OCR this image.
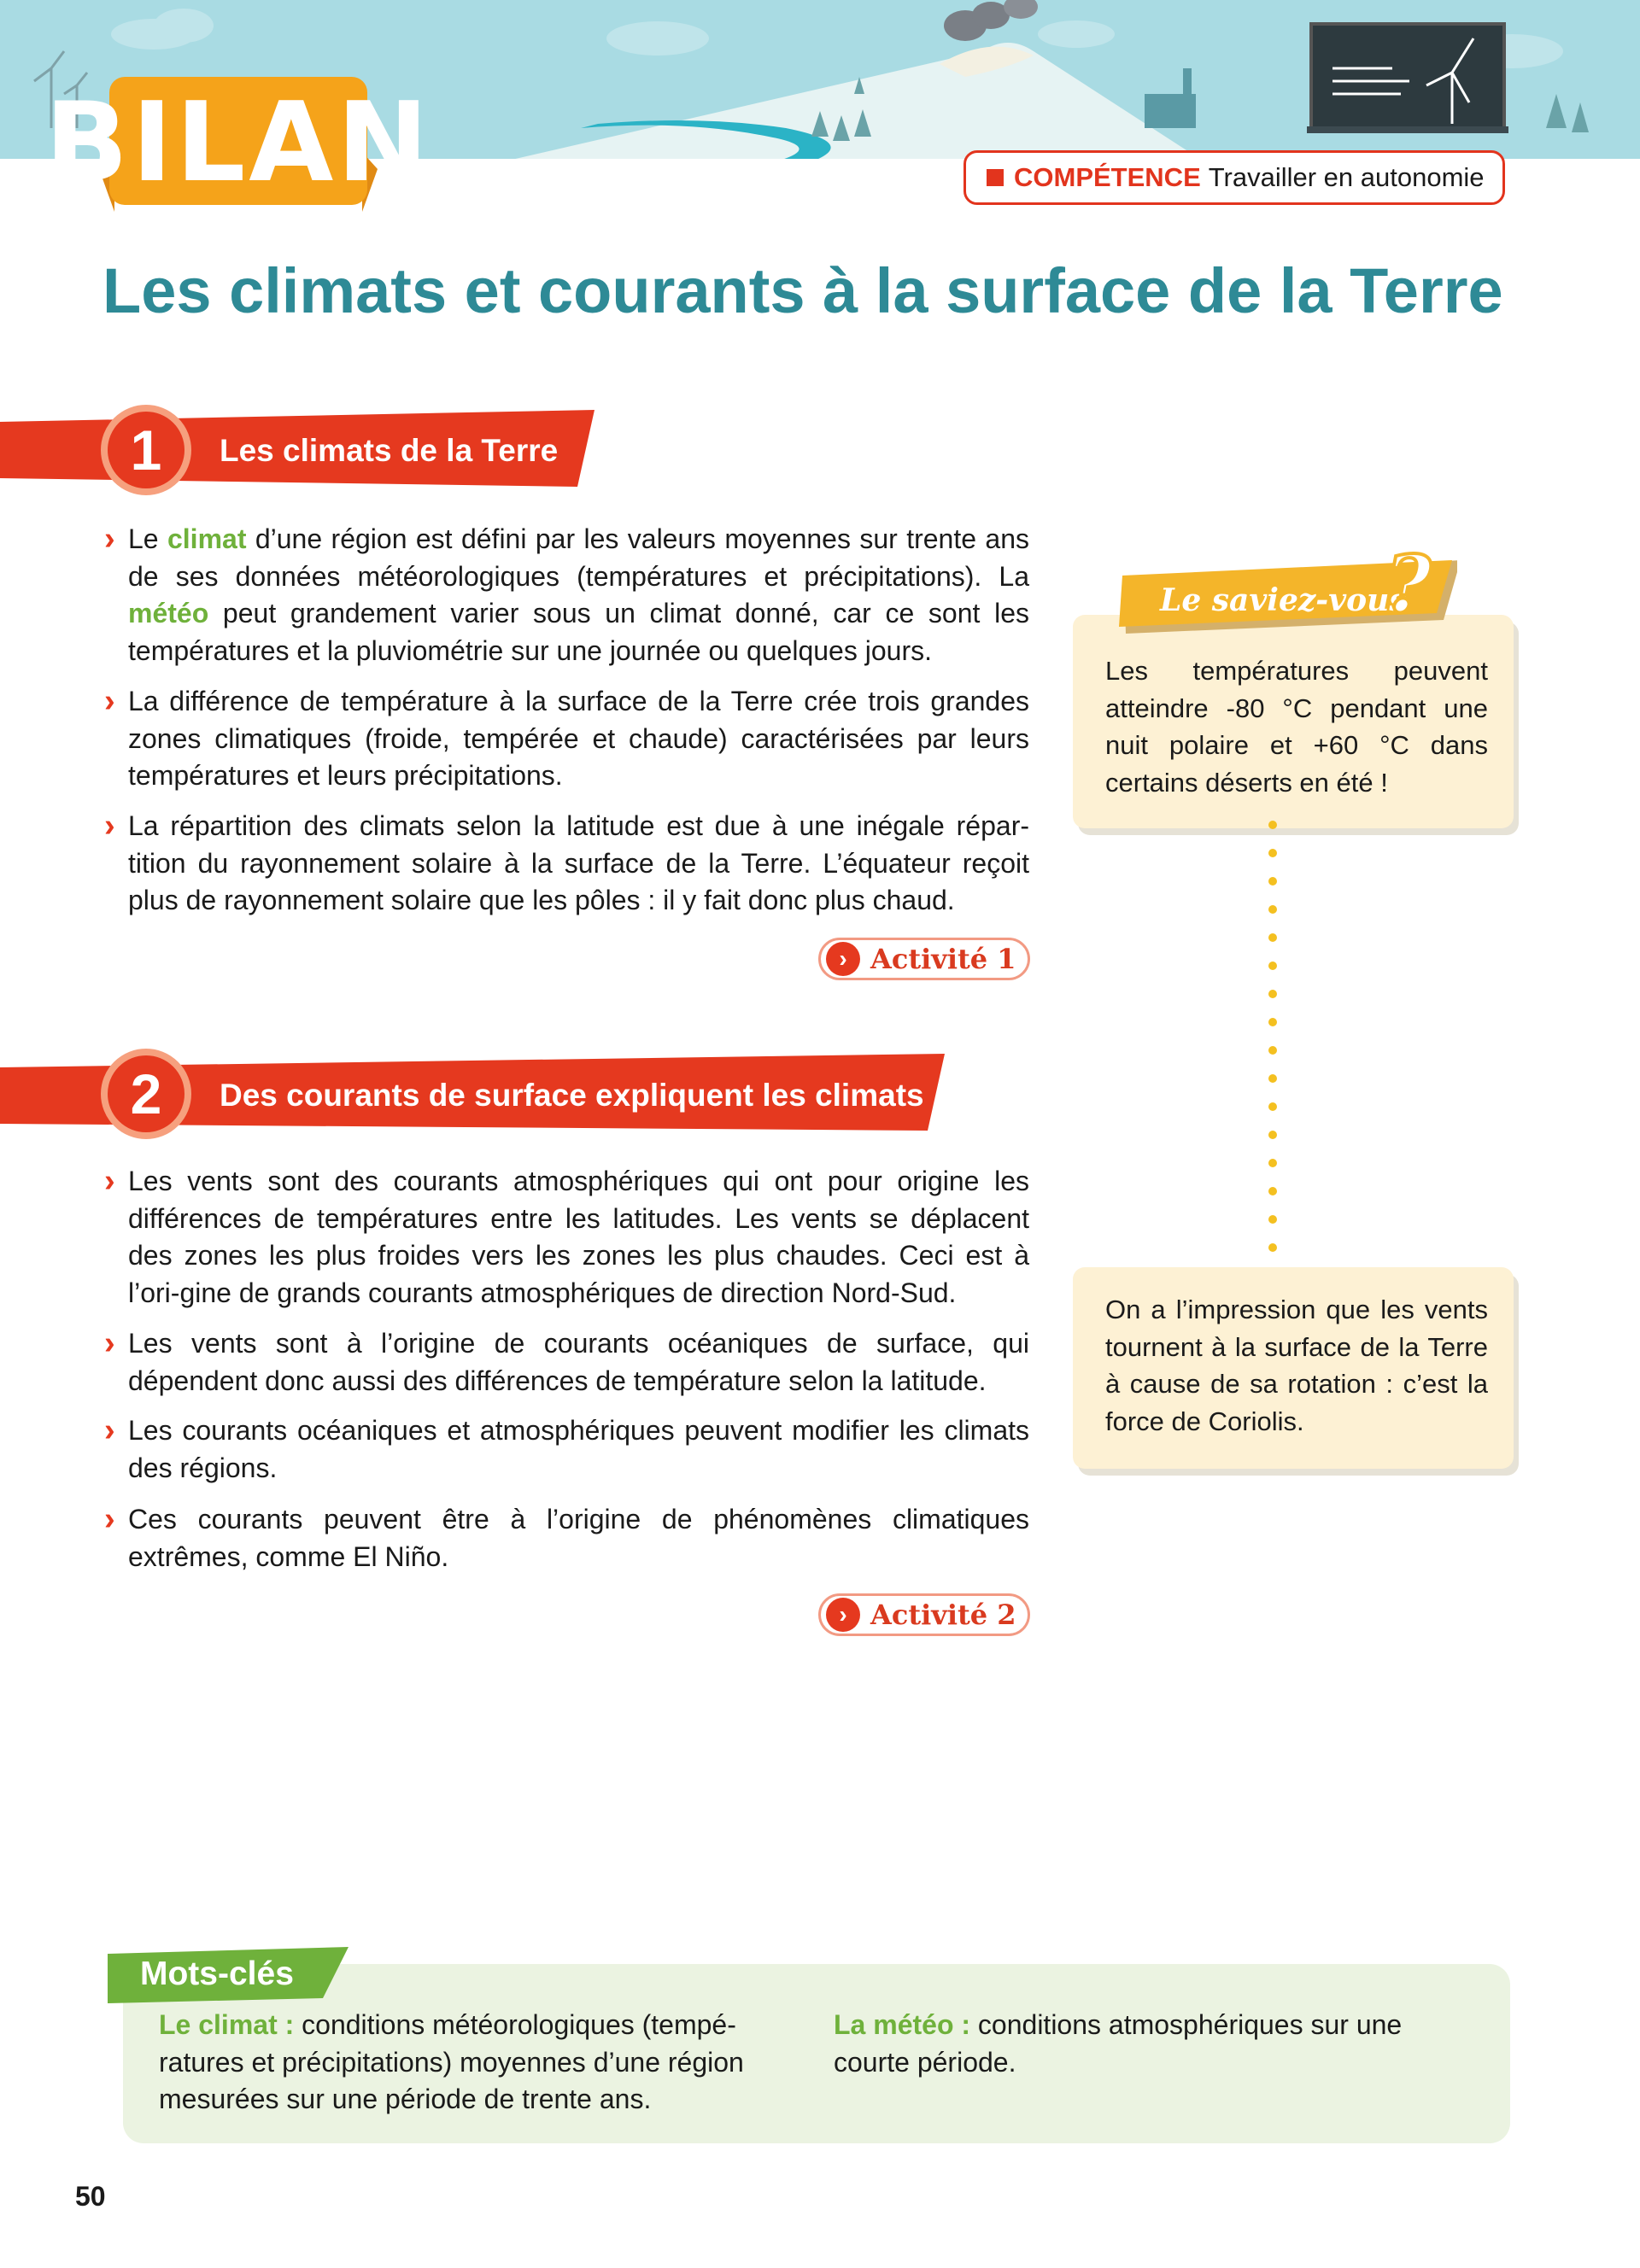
BILAN	COMPÉTENCE Travailler en autonomie
Les climats et courants à la surface de la Terre
1	Les climats de la Terre
› Le climat d’une région est défini par les valeurs moyennes sur trente ans de ses données météorologiques (températures et précipitations). La météo peut grandement varier sous un climat donné, car ce sont les températures et la pluviométrie sur une journée ou quelques jours.
› La différence de température à la surface de la Terre crée trois grandes zones climatiques (froide, tempérée et chaude) caractérisées par leurs températures et leurs précipitations.
› La répartition des climats selon la latitude est due à une inégale répar-tition du rayonnement solaire à la surface de la Terre. L’équateur reçoit plus de rayonnement solaire que les pôles : il y fait donc plus chaud.
› Activité 1
2	Des courants de surface expliquent les climats
› Les vents sont des courants atmosphériques qui ont pour origine les différences de températures entre les latitudes. Les vents se déplacent des zones les plus froides vers les zones les plus chaudes. Ceci est à l’ori-gine de grands courants atmosphériques de direction Nord-Sud.
› Les vents sont à l’origine de courants océaniques de surface, qui dépendent donc aussi des différences de température selon la latitude.
› Les courants océaniques et atmosphériques peuvent modifier les climats des régions.
› Ces courants peuvent être à l’origine de phénomènes climatiques extrêmes, comme El Niño.
› Activité 2
Les températures peuvent atteindre -80 °C pendant une nuit polaire et +60 °C dans certains déserts en été !
Le saviez-vous
?
On a l’impression que les vents tournent à la surface de la Terre à cause de sa rotation : c’est la force de Coriolis.
Mots-clés
Le climat : conditions météorologiques (tempé-ratures et précipitations) moyennes d’une région mesurées sur une période de trente ans.
La météo : conditions atmosphériques sur une courte période.
50
